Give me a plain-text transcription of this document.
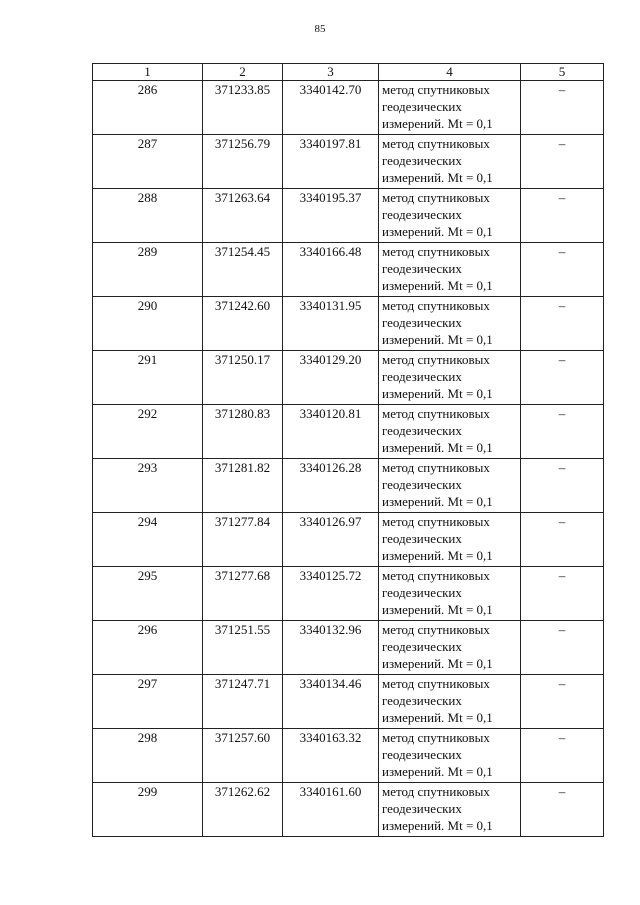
85
1	2	3	4	5
286	371233.85	3340142.70	метод спутниковых геодезических измерений. Mt = 0,1	–
287	371256.79	3340197.81	метод спутниковых геодезических измерений. Mt = 0,1	–
288	371263.64	3340195.37	метод спутниковых геодезических измерений. Mt = 0,1	–
289	371254.45	3340166.48	метод спутниковых геодезических измерений. Mt = 0,1	–
290	371242.60	3340131.95	метод спутниковых геодезических измерений. Mt = 0,1	–
291	371250.17	3340129.20	метод спутниковых геодезических измерений. Mt = 0,1	–
292	371280.83	3340120.81	метод спутниковых геодезических измерений. Mt = 0,1	–
293	371281.82	3340126.28	метод спутниковых геодезических измерений. Mt = 0,1	–
294	371277.84	3340126.97	метод спутниковых геодезических измерений. Mt = 0,1	–
295	371277.68	3340125.72	метод спутниковых геодезических измерений. Mt = 0,1	–
296	371251.55	3340132.96	метод спутниковых геодезических измерений. Mt = 0,1	–
297	371247.71	3340134.46	метод спутниковых геодезических измерений. Mt = 0,1	–
298	371257.60	3340163.32	метод спутниковых геодезических измерений. Mt = 0,1	–
299	371262.62	3340161.60	метод спутниковых геодезических измерений. Mt = 0,1	–
